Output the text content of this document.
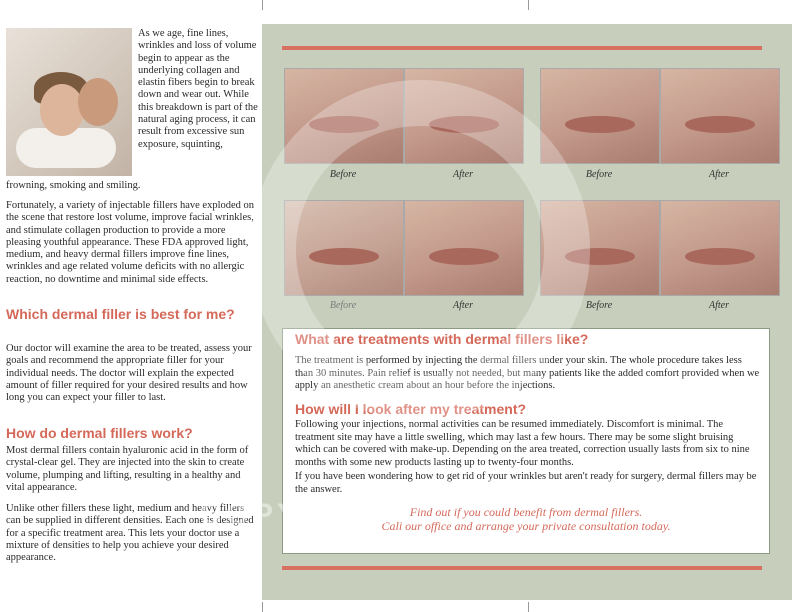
As we age, fine lines, wrinkles and loss of volume begin to appear as the underlying collagen and elastin fibers begin to break down and wear out. While this breakdown is part of the natural aging process, it can result from excessive sun exposure, squinting,
frowning, smoking and smiling.
Fortunately, a variety of injectable fillers have exploded on the scene that restore lost volume, improve facial wrinkles, and stimulate collagen production to provide a more pleasing youthful appearance. These FDA approved light, medium, and heavy dermal fillers improve fine lines, wrinkles and age related volume deficits with no allergic reaction, no downtime and minimal side effects.
Which dermal filler is best for me?
Our doctor will examine the area to be treated, assess your goals and recommend the appropriate filler for your individual needs. The doctor will explain the expected amount of filler required for your desired results and how long you can expect your filler to last.
How do dermal fillers work?
Most dermal fillers contain hyaluronic acid in the form of crystal-clear gel. They are injected into the skin to create volume, plumping and lifting, resulting in a healthy and vital appearance.
Unlike other fillers these light, medium and heavy fillers can be supplied in different densities. Each one is designed for a specific treatment area. This lets your doctor use a mixture of densities to help you achieve your desired appearance.
Before	After	Before	After
Before	After	Before	After
What are treatments with dermal fillers like?
The treatment is performed by injecting the dermal fillers under your skin. The whole procedure takes less than 30 minutes. Pain relief is usually not needed, but many patients like the added comfort provided when we apply an anesthetic cream about an hour before the injections.
How will I look after my treatment?
Following your injections, normal activities can be resumed immediately. Discomfort is minimal. The treatment site may have a little swelling, which may last a few hours. There may be some slight bruising which can be covered with make-up. Depending on the area treated, correction usually lasts from six to nine months with some new products lasting up to twenty-four months.
If you have been wondering how to get rid of your wrinkles but aren't ready for surgery, dermal fillers may be the answer.
Find out if you could benefit from dermal fillers.
Call our office and arrange your private consultation today.
COPYRIGHT
